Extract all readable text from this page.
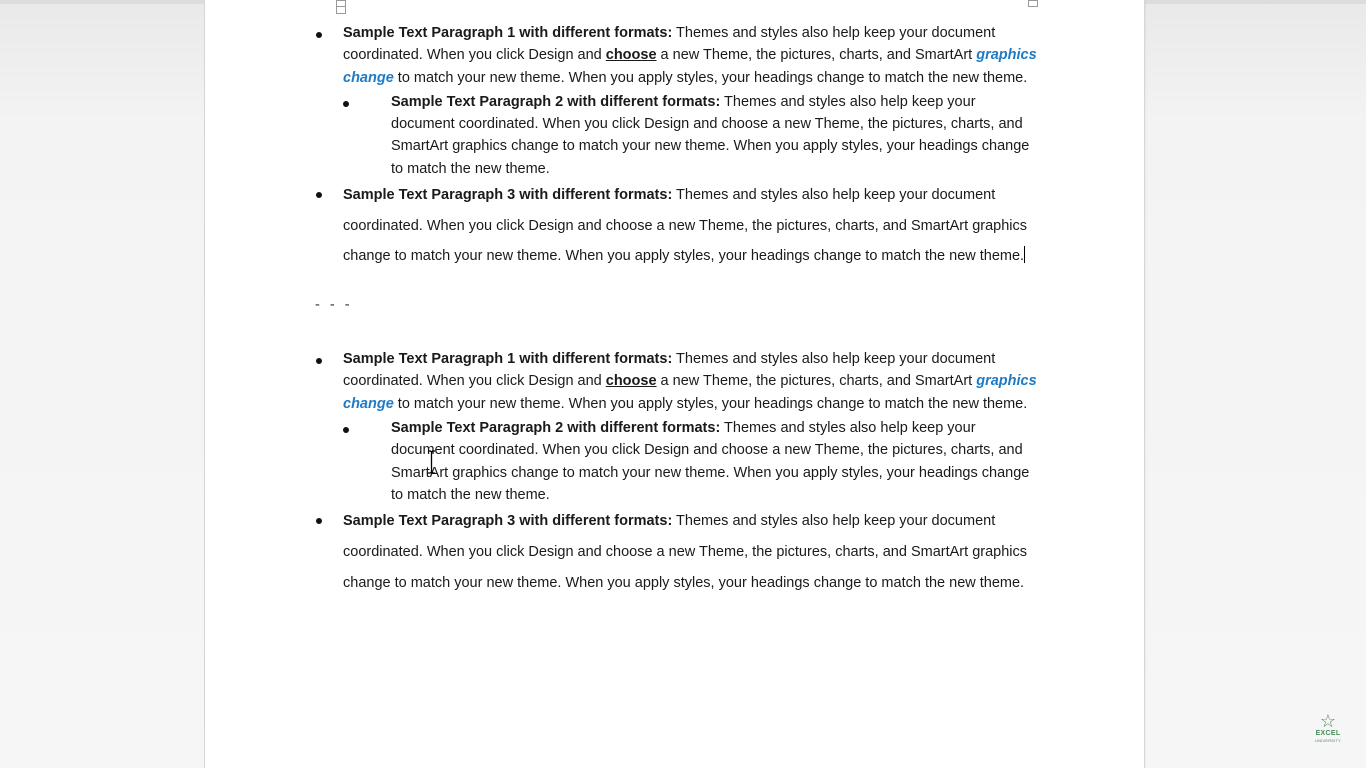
Sample Text Paragraph 1 with different formats: Themes and styles also help keep your document coordinated. When you click Design and choose a new Theme, the pictures, charts, and SmartArt graphics change to match your new theme. When you apply styles, your headings change to match the new theme.
Sample Text Paragraph 2 with different formats: Themes and styles also help keep your document coordinated. When you click Design and choose a new Theme, the pictures, charts, and SmartArt graphics change to match your new theme. When you apply styles, your headings change to match the new theme.
Sample Text Paragraph 3 with different formats: Themes and styles also help keep your document coordinated. When you click Design and choose a new Theme, the pictures, charts, and SmartArt graphics change to match your new theme. When you apply styles, your headings change to match the new theme.
- - -
Sample Text Paragraph 1 with different formats: Themes and styles also help keep your document coordinated. When you click Design and choose a new Theme, the pictures, charts, and SmartArt graphics change to match your new theme. When you apply styles, your headings change to match the new theme.
Sample Text Paragraph 2 with different formats: Themes and styles also help keep your document coordinated. When you click Design and choose a new Theme, the pictures, charts, and SmartArt graphics change to match your new theme. When you apply styles, your headings change to match the new theme.
Sample Text Paragraph 3 with different formats: Themes and styles also help keep your document coordinated. When you click Design and choose a new Theme, the pictures, charts, and SmartArt graphics change to match your new theme. When you apply styles, your headings change to match the new theme.
☆
EXCEL
UNIVERSITY
